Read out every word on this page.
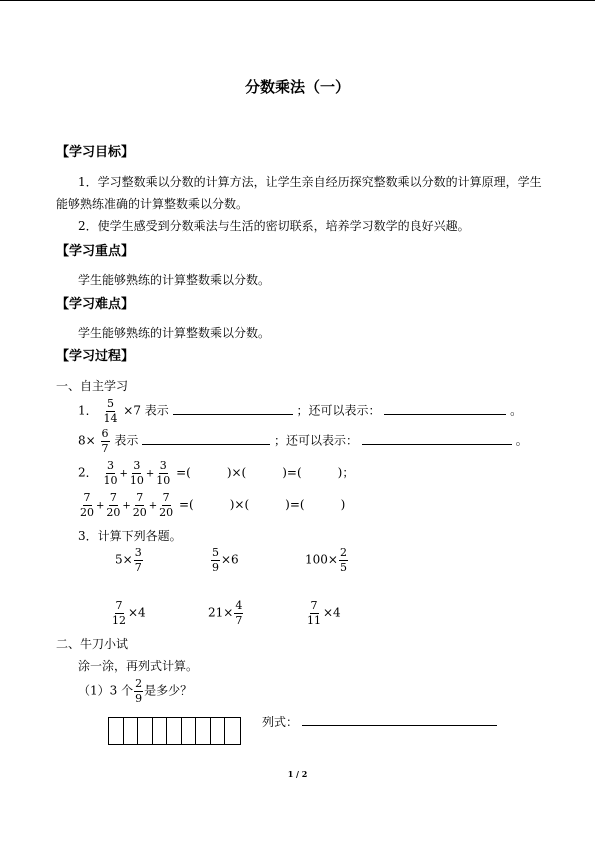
分数乘法（一）
【学习目标】
1．学习整数乘以分数的计算方法，让学生亲自经历探究整数乘以分数的计算原理，学生
能够熟练准确的计算整数乘以分数。
2．使学生感受到分数乘法与生活的密切联系，培养学习数学的良好兴趣。
【学习重点】
学生能够熟练的计算整数乘以分数。
【学习难点】
学生能够熟练的计算整数乘以分数。
【学习过程】
一、自主学习
1． $\frac{5}{14} \times 7$ 表示	；还可以表示：	。
$8\times \frac{6}{7}$ 表示	；还可以表示：	。
2． $\frac{3}{10} + \frac{3}{10} + \frac{3}{10}$ =(　　　)×(　　　)=(　　　)；
$\frac{7}{20} + \frac{7}{20} + \frac{7}{20} + \frac{7}{20}$ =(　　　)×(　　　)=(　　　)
3．计算下列各题。
$5\times \frac{3}{7}$	$\frac{5}{9} \times 6$	$100\times \frac{2}{5}$
$\frac{7}{12} \times 4$	$21\times \frac{4}{7}$	$\frac{7}{11} \times 4$
二、牛刀小试
涂一涂，再列式计算。
（1）3 个 $\frac{2}{9}$ 是多少？
列式：
1 / 2
